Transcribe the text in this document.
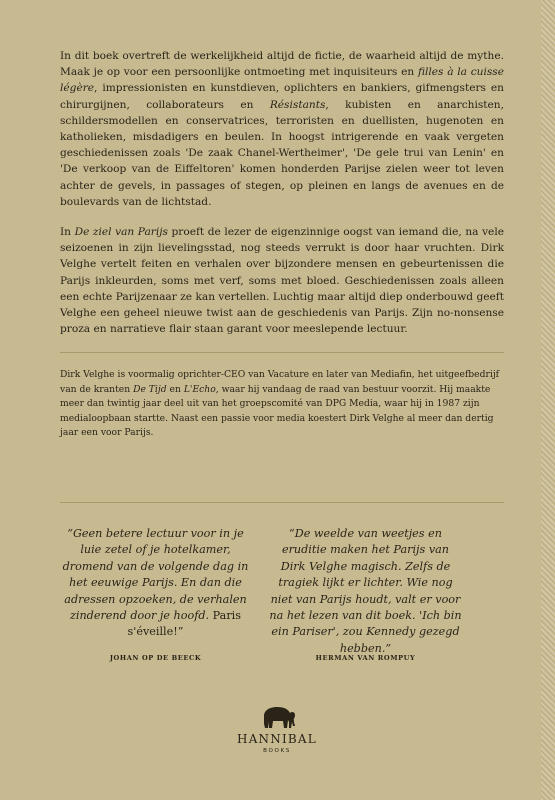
In dit boek overtreft de werkelijkheid altijd de fictie, de waarheid altijd de mythe. Maak je op voor een persoonlijke ontmoeting met inquisiteurs en filles à la cuisse légère, impressionisten en kunstdieven, oplichters en bankiers, gifmengsters en chirurgijnen, collaborateurs en Résistants, kubisten en anarchisten, schildersmodellen en conservatrices, terroristen en duellisten, hugenoten en katholieken, misdadigers en beulen. In hoogst intrigerende en vaak vergeten geschiedenissen zoals 'De zaak Chanel-Wertheimer', 'De gele trui van Lenin' en 'De verkoop van de Eiffeltoren' komen honderden Parijse zielen weer tot leven achter de gevels, in passages of stegen, op pleinen en langs de avenues en de boulevards van de lichtstad.

In De ziel van Parijs proeft de lezer de eigenzinnige oogst van iemand die, na vele seizoenen in zijn lievelingsstad, nog steeds verrukt is door haar vruchten. Dirk Velghe vertelt feiten en verhalen over bijzondere mensen en gebeurtenissen die Parijs inkleurden, soms met verf, soms met bloed. Geschiedenissen zoals alleen een echte Parijzenaar ze kan vertellen. Luchtig maar altijd diep onderbouwd geeft Velghe een geheel nieuwe twist aan de geschiedenis van Parijs. Zijn no-nonsense proza en narratieve flair staan garant voor meeslepende lectuur.

Dirk Velghe is voormalig oprichter-CEO van Vacature en later van Mediafin, het uitgeefbedrijf van de kranten De Tijd en L'Echo, waar hij vandaag de raad van bestuur voorzit. Hij maakte meer dan twintig jaar deel uit van het groepscomité van DPG Media, waar hij in 1987 zijn medialoopbaan startte. Naast een passie voor media koestert Dirk Velghe al meer dan dertig jaar een voor Parijs.

“Geen betere lectuur voor in je luie zetel of je hotelkamer, dromend van de volgende dag in het eeuwige Parijs. En dan die adressen opzoeken, de verhalen zinderend door je hoofd. Paris s'éveille!”

JOHAN OP DE BEECK

“De weelde van weetjes en eruditie maken het Parijs van Dirk Velghe magisch. Zelfs de tragiek lijkt er lichter. Wie nog niet van Parijs houdt, valt er voor na het lezen van dit boek. 'Ich bin ein Pariser', zou Kennedy gezegd hebben.”

HERMAN VAN ROMPUY

HANNIBAL
BOOKS
